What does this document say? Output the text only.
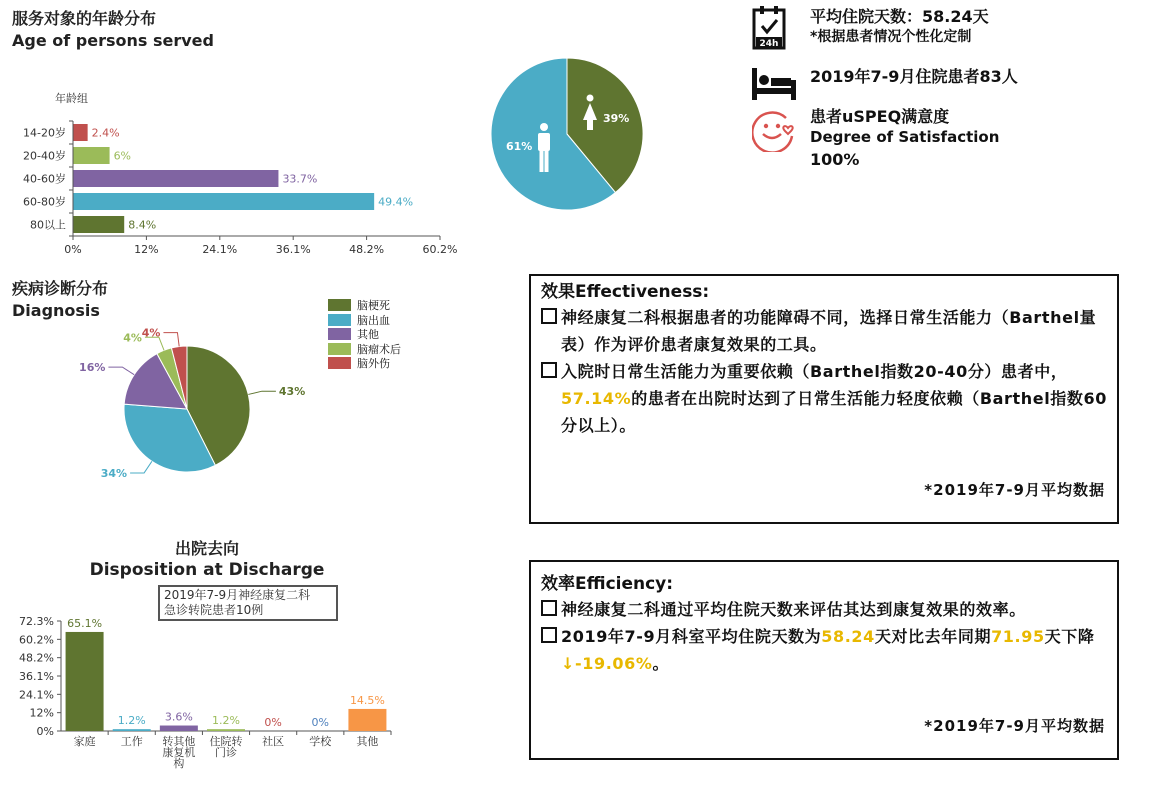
服务对象的年龄分布
Age of persons served
年龄组
14-20岁 2.4%
20-40岁	6%
40-60岁	33.7%
60-80岁	49.4%
80以上	8.4%
0%	12%	24.1%	36.1%	48.2%	60.2%
39%
61%
24h
平均住院天数：58.24天
*根据患者情况个性化定制
2019年7-9月住院患者83人
患者uSPEQ满意度
Degree of Satisfaction
100%
疾病诊断分布
Diagnosis
43%
34%
16%
4% 4%
脑梗死
脑出血
其他
脑瘤术后
脑外伤
出院去向
Disposition at Discharge
2019年7-9月神经康复二科
急诊转院患者10例
0%
12%
24.1%
36.1%
48.2%
60.2%
72.3% 65.1%
家庭
1.2%
工作
3.6%
转其他
康复机
构
1.2%
住院转
门诊
0%
社区
0%
学校
14.5%
其他
效果Effectiveness:
神经康复二科根据患者的功能障碍不同，选择日常生活能力（Barthel量表）作为评价患者康复效果的工具。
入院时日常生活能力为重要依赖（Barthel指数20-40分）患者中，57.14%的患者在出院时达到了日常生活能力轻度依赖（Barthel指数60分以上）。
*2019年7-9月平均数据
效率Efficiency:
神经康复二科通过平均住院天数来评估其达到康复效果的效率。
2019年7-9月科室平均住院天数为58.24天对比去年同期71.95天下降↓-19.06%。
*2019年7-9月平均数据
